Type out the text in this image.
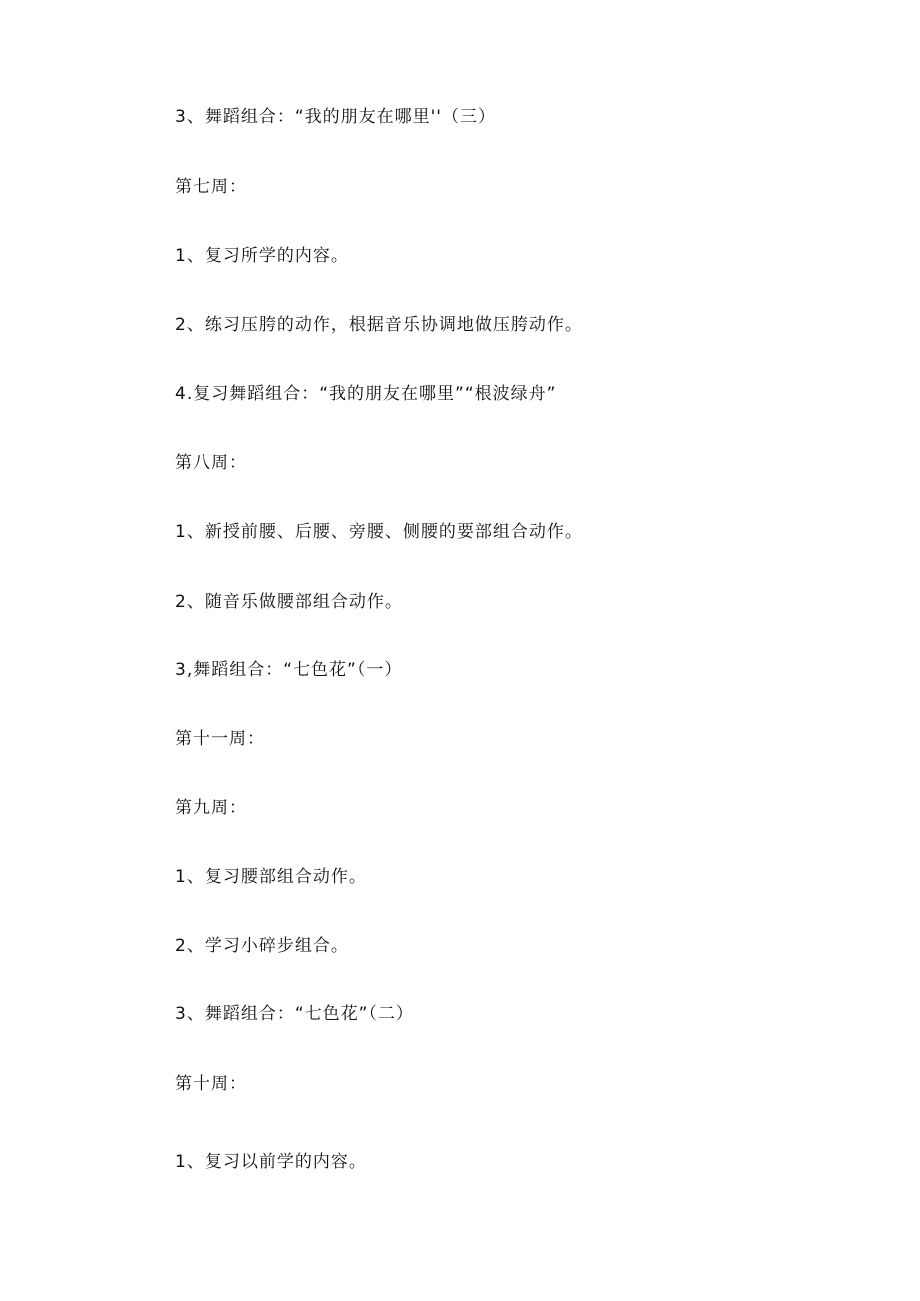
3、舞蹈组合：“我的朋友在哪里''（三）
第七周：
1、复习所学的内容。
2、练习压胯的动作，根据音乐协调地做压胯动作。
4.复习舞蹈组合：“我的朋友在哪里”“根波绿舟”
第八周：
1、新授前腰、后腰、旁腰、侧腰的要部组合动作。
2、随音乐做腰部组合动作。
3,舞蹈组合：“七色花”（一）
第十一周：
第九周：
1、复习腰部组合动作。
2、学习小碎步组合。
3、舞蹈组合：“七色花”（二）
第十周：
1、复习以前学的内容。
